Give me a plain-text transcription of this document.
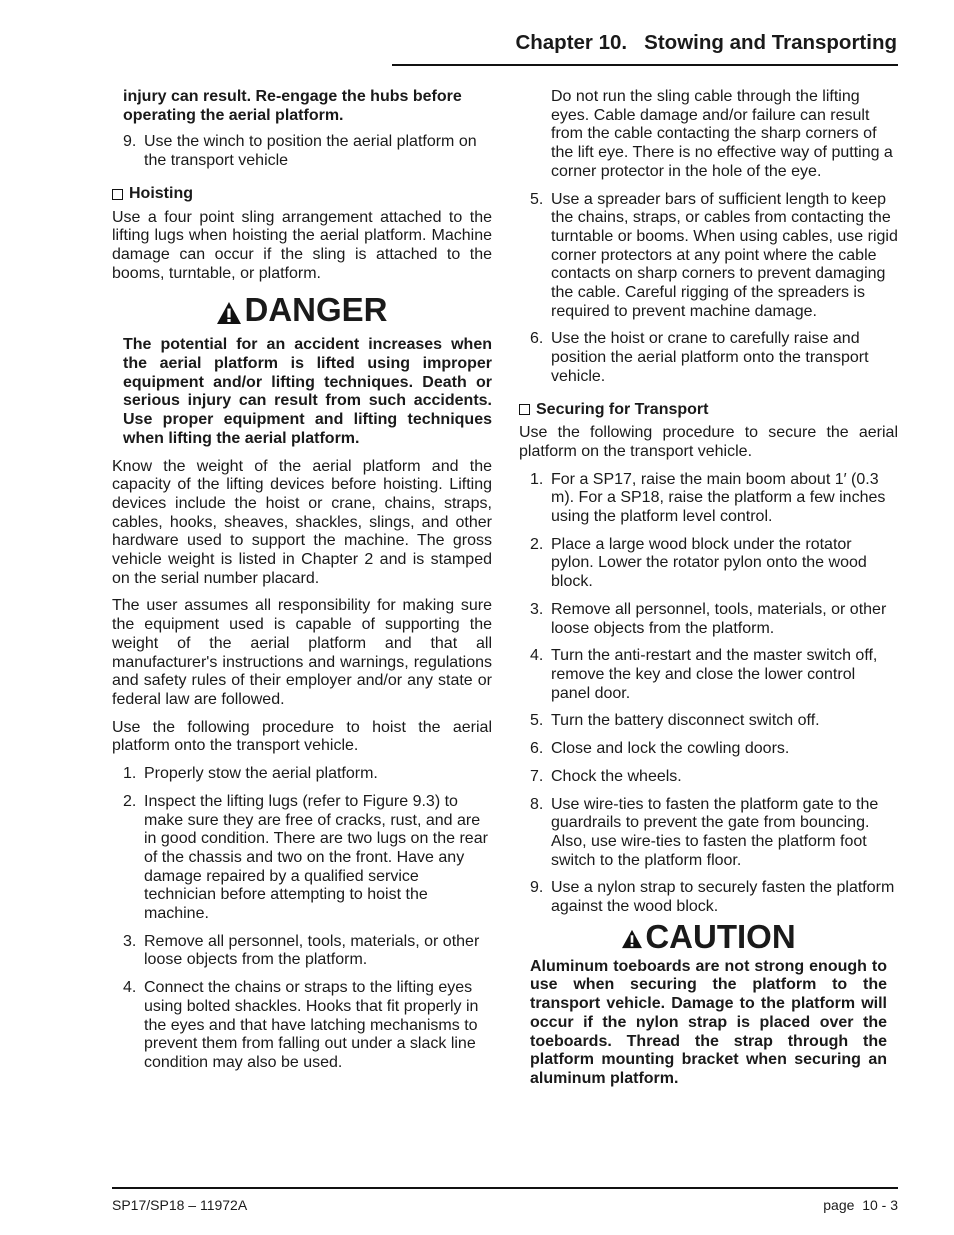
Chapter 10.   Stowing and Transporting

injury can result. Re-engage the hubs before operating the aerial platform.

9. Use the winch to position the aerial platform on the transport vehicle
Hoisting

Use a four point sling arrangement attached to the lifting lugs when hoisting the aerial platform. Machine damage can occur if the sling is attached to the booms, turntable, or platform.

DANGER

The potential for an accident increases when the aerial platform is lifted using improper equipment and/or lifting techniques. Death or serious injury can result from such accidents. Use proper equipment and lifting techniques when lifting the aerial platform.

Know the weight of the aerial platform and the capacity of the lifting devices before hoisting. Lifting devices include the hoist or crane, chains, straps, cables, hooks, sheaves, shackles, slings, and other hardware used to support the machine. The gross vehicle weight is listed in Chapter 2 and is stamped on the serial number placard.

The user assumes all responsibility for making sure the equipment used is capable of supporting the weight of the aerial platform and that all manufacturer's instructions and warnings, regulations and safety rules of their employer and/or any state or federal law are followed.

Use the following procedure to hoist the aerial platform onto the transport vehicle.

1. Properly stow the aerial platform.
2. Inspect the lifting lugs (refer to Figure 9.3) to make sure they are free of cracks, rust, and are in good condition. There are two lugs on the rear of the chassis and two on the front. Have any damage repaired by a qualified service technician before attempting to hoist the machine.
3. Remove all personnel, tools, materials, or other loose objects from the platform.
4. Connect the chains or straps to the lifting eyes using bolted shackles. Hooks that fit properly in the eyes and that have latching mechanisms to prevent them from falling out under a slack line condition may also be used.

Do not run the sling cable through the lifting eyes. Cable damage and/or failure can result from the cable contacting the sharp corners of the lift eye. There is no effective way of putting a corner protector in the hole of the eye.

5. Use a spreader bars of sufficient length to keep the chains, straps, or cables from contacting the turntable or booms. When using cables, use rigid corner protectors at any point where the cable contacts on sharp corners to prevent damaging the cable. Careful rigging of the spreaders is required to prevent machine damage.
6. Use the hoist or crane to carefully raise and position the aerial platform onto the transport vehicle.
Securing for Transport

Use the following procedure to secure the aerial platform on the transport vehicle.

1. For a SP17, raise the main boom about 1′ (0.3 m). For a SP18, raise the platform a few inches using the platform level control.
2. Place a large wood block under the rotator pylon. Lower the rotator pylon onto the wood block.
3. Remove all personnel, tools, materials, or other loose objects from the platform.
4. Turn the anti-restart and the master switch off, remove the key and close the lower control panel door.
5. Turn the battery disconnect switch off.
6. Close and lock the cowling doors.
7. Chock the wheels.
8. Use wire-ties to fasten the platform gate to the guardrails to prevent the gate from bouncing. Also, use wire-ties to fasten the platform foot switch to the platform floor.
9. Use a nylon strap to securely fasten the platform against the wood block.
CAUTION

Aluminum toeboards are not strong enough to use when securing the platform to the transport vehicle. Damage to the platform will occur if the nylon strap is placed over the toeboards. Thread the strap through the platform mounting bracket when securing an aluminum platform.

SP17/SP18 – 11972A	page  10 - 3
